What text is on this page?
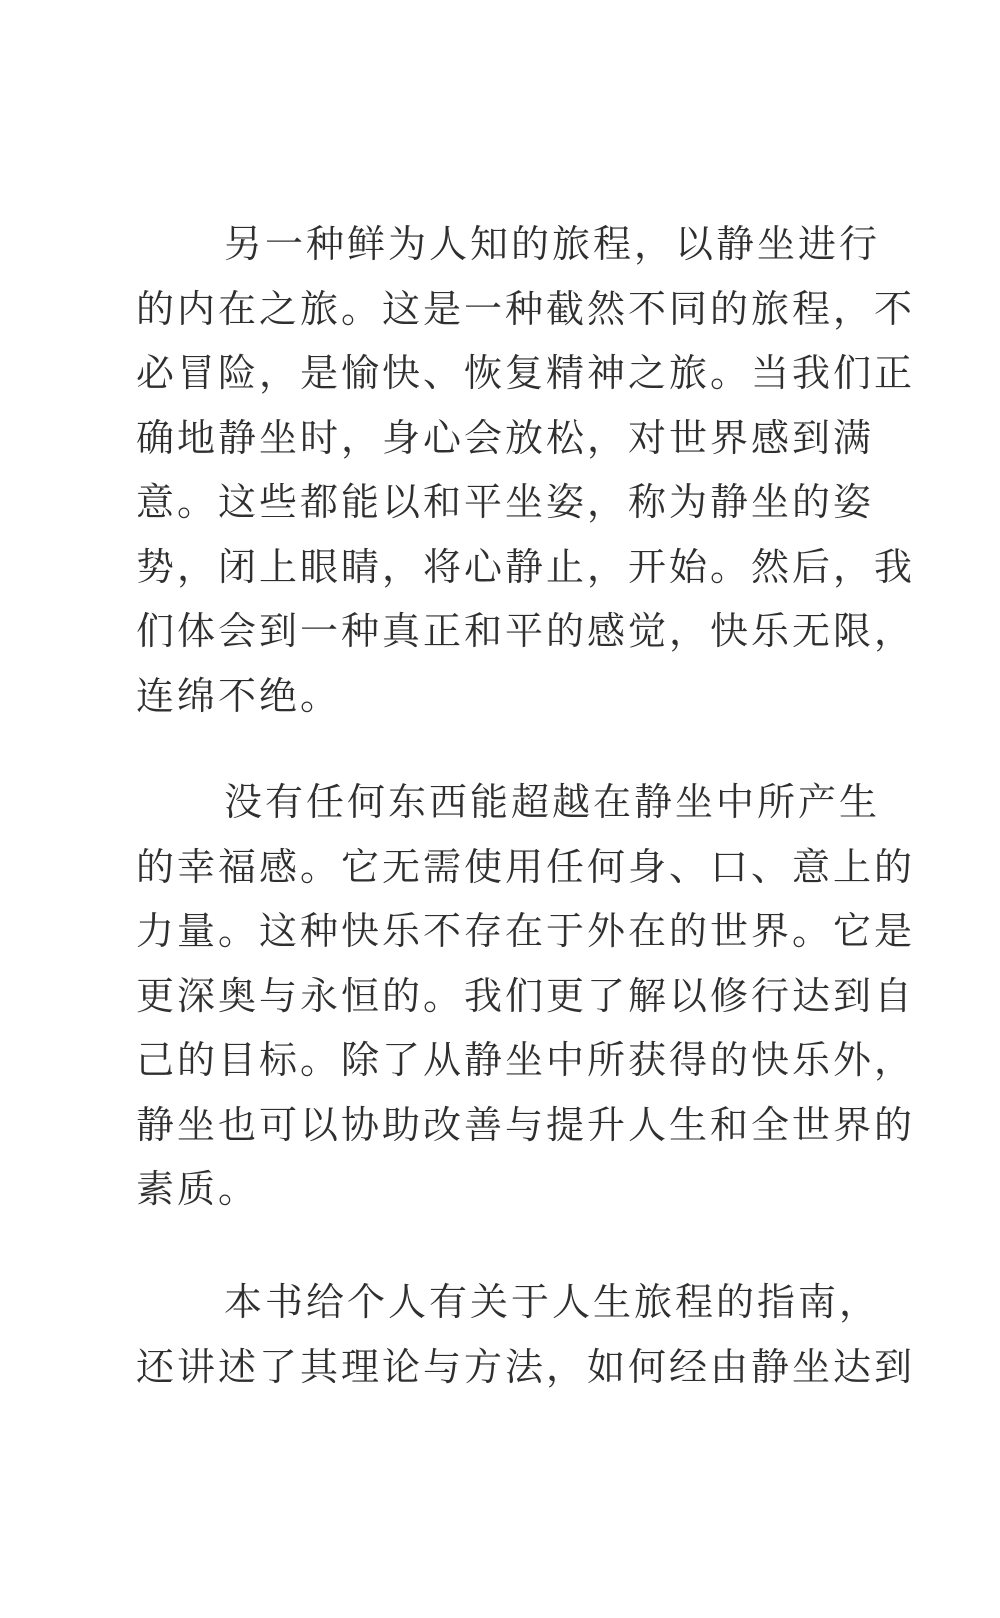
另一种鲜为人知的旅程，以静坐进行
的内在之旅。这是一种截然不同的旅程，不
必冒险，是愉快、恢复精神之旅。当我们正
确地静坐时，身心会放松，对世界感到满
意。这些都能以和平坐姿，称为静坐的姿
势，闭上眼睛，将心静止，开始。然后，我
们体会到一种真正和平的感觉，快乐无限，
连绵不绝。
没有任何东西能超越在静坐中所产生
的幸福感。它无需使用任何身、口、意上的
力量。这种快乐不存在于外在的世界。它是
更深奥与永恒的。我们更了解以修行达到自
己的目标。除了从静坐中所获得的快乐外，
静坐也可以协助改善与提升人生和全世界的
素质。
本书给个人有关于人生旅程的指南，
还讲述了其理论与方法，如何经由静坐达到
